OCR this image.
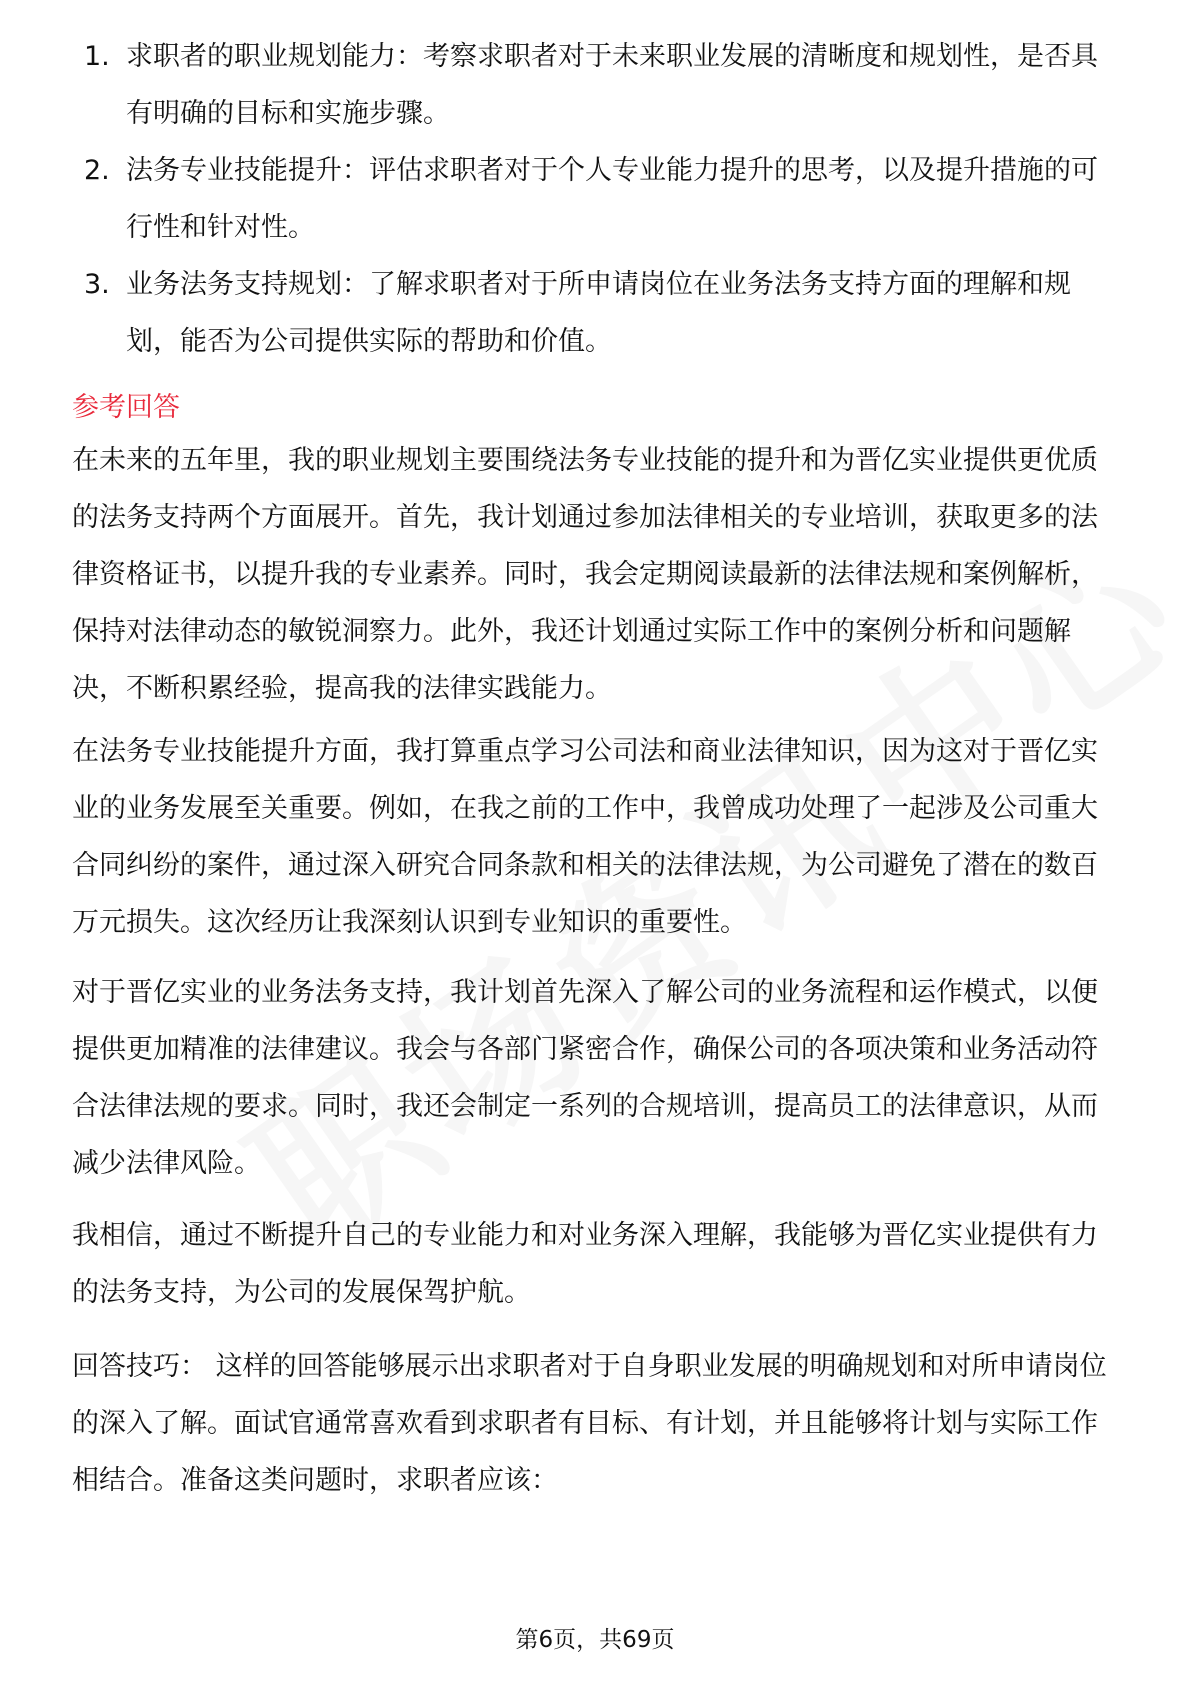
1. 求职者的职业规划能力：考察求职者对于未来职业发展的清晰度和规划性，是否具有明确的目标和实施步骤。
2. 法务专业技能提升：评估求职者对于个人专业能力提升的思考，以及提升措施的可行性和针对性。
3. 业务法务支持规划：了解求职者对于所申请岗位在业务法务支持方面的理解和规划，能否为公司提供实际的帮助和价值。
参考回答

在未来的五年里，我的职业规划主要围绕法务专业技能的提升和为晋亿实业提供更优质的法务支持两个方面展开。首先，我计划通过参加法律相关的专业培训，获取更多的法律资格证书，以提升我的专业素养。同时，我会定期阅读最新的法律法规和案例解析，保持对法律动态的敏锐洞察力。此外，我还计划通过实际工作中的案例分析和问题解决，不断积累经验，提高我的法律实践能力。

在法务专业技能提升方面，我打算重点学习公司法和商业法律知识，因为这对于晋亿实业的业务发展至关重要。例如，在我之前的工作中，我曾成功处理了一起涉及公司重大合同纠纷的案件，通过深入研究合同条款和相关的法律法规，为公司避免了潜在的数百万元损失。这次经历让我深刻认识到专业知识的重要性。

对于晋亿实业的业务法务支持，我计划首先深入了解公司的业务流程和运作模式，以便提供更加精准的法律建议。我会与各部门紧密合作，确保公司的各项决策和业务活动符合法律法规的要求。同时，我还会制定一系列的合规培训，提高员工的法律意识，从而减少法律风险。

我相信，通过不断提升自己的专业能力和对业务深入理解，我能够为晋亿实业提供有力的法务支持，为公司的发展保驾护航。

回答技巧： 这样的回答能够展示出求职者对于自身职业发展的明确规划和对所申请岗位的深入了解。面试官通常喜欢看到求职者有目标、有计划，并且能够将计划与实际工作相结合。准备这类问题时，求职者应该：

第6页，共69页
